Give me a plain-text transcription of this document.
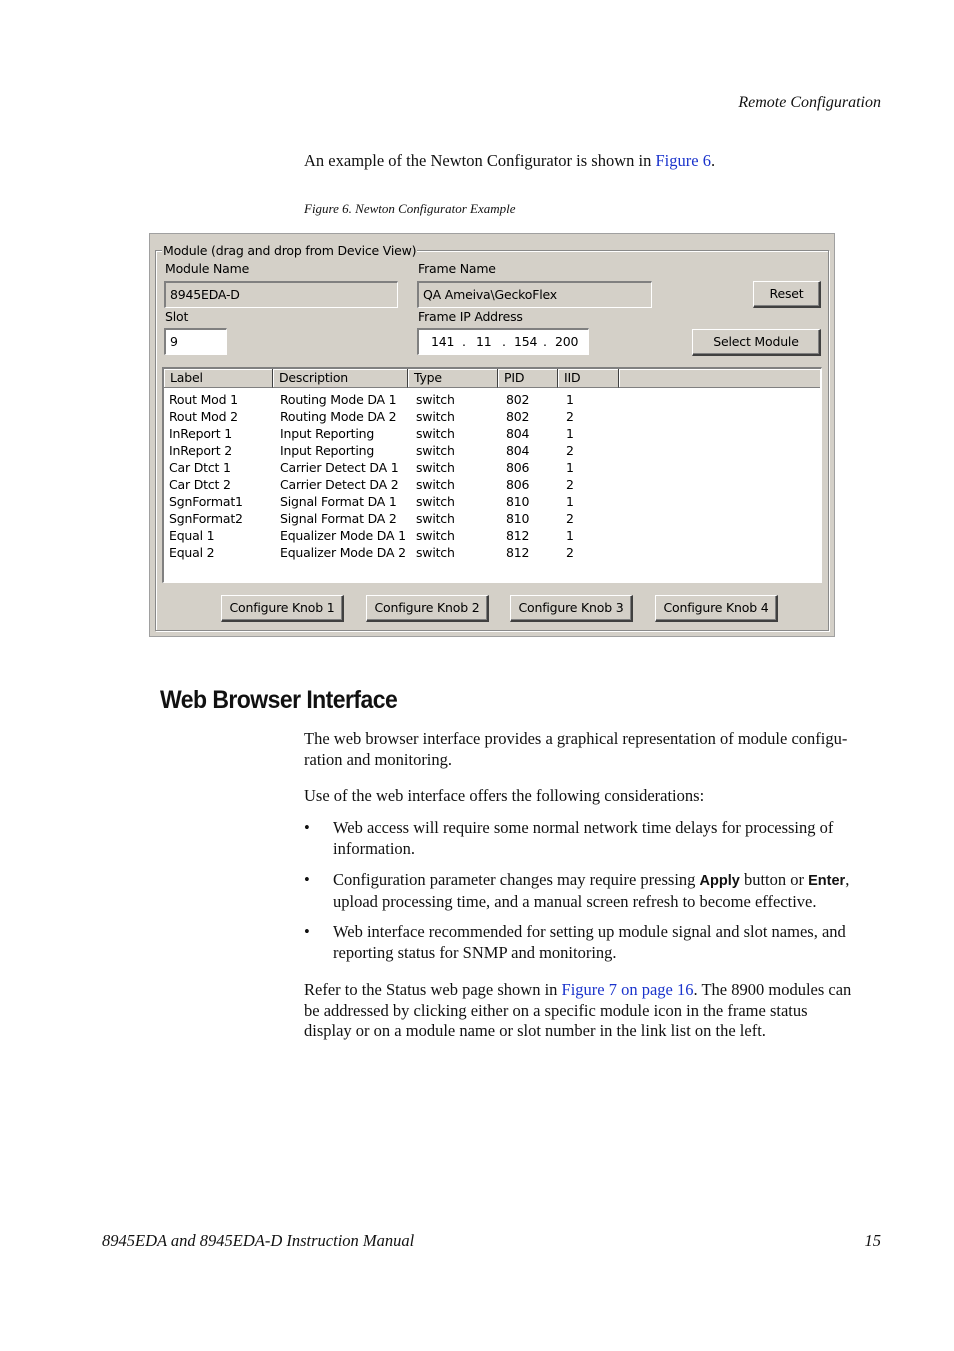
Remote Configuration
An example of the Newton Configurator is shown in Figure 6.
Figure 6. Newton Configurator Example
Module Name
8945EDA-D
Frame Name
QA Ameiva\GeckoFlex	Reset
Slot
9
Frame IP Address
141 . 11 . 154 . 200	Select Module
Label	Description	Type	PID	IID
Rout Mod 1	Routing Mode DA 1 switch	802	1
Rout Mod 2	Routing Mode DA 2 switch	802	2
InReport 1	Input Reporting	switch	804	1
InReport 2	Input Reporting	switch	804	2
Car Dtct 1	Carrier Detect DA 1 switch	806	1
Car Dtct 2	Carrier Detect DA 2 switch	806	2
SgnFormat1	Signal Format DA 1 switch	810	1
SgnFormat2	Signal Format DA 2 switch	810	2
Equal 1	Equalizer Mode DA 1 switch	812	1
Equal 2	Equalizer Mode DA 2 switch	812	2
Configure Knob 1	Configure Knob 2	Configure Knob 3	Configure Knob 4
Module (drag and drop from Device View)
Web Browser Interface
The web browser interface provides a graphical representation of module configu-
ration and monitoring.
Use of the web interface offers the following considerations:
• Web access will require some normal network time delays for processing of
information.
• Configuration parameter changes may require pressing Apply button or Enter,
upload processing time, and a manual screen refresh to become effective.
• Web interface recommended for setting up module signal and slot names, and
reporting status for SNMP and monitoring.
Refer to the Status web page shown in Figure 7 on page 16. The 8900 modules can
be addressed by clicking either on a specific module icon in the frame status
display or on a module name or slot number in the link list on the left.
8945EDA and 8945EDA-D Instruction Manual	15
